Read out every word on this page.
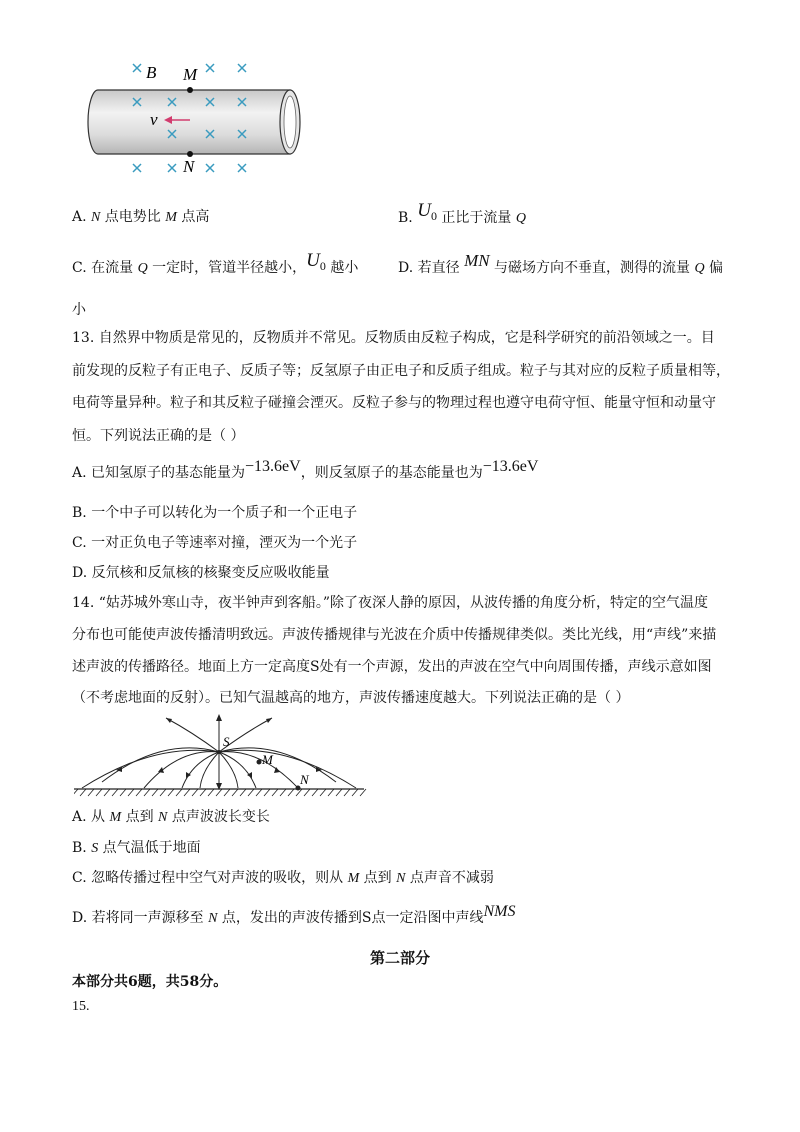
B M
N
v
A. N 点电势比 M 点高	B. $U_0$ 正比于流量 Q
C. 在流量 Q 一定时，管道半径越小，$U_0$ 越小	D. 若直径 MN 与磁场方向不垂直，测得的流量 Q 偏
小
13. 自然界中物质是常见的，反物质并不常见。反物质由反粒子构成，它是科学研究的前沿领域之一。目
前发现的反粒子有正电子、反质子等；反氢原子由正电子和反质子组成。粒子与其对应的反粒子质量相等，
电荷等量异种。粒子和其反粒子碰撞会湮灭。反粒子参与的物理过程也遵守电荷守恒、能量守恒和动量守
恒。下列说法正确的是（ ）
A. 已知氢原子的基态能量为−13.6eV，则反氢原子的基态能量也为−13.6eV
B. 一个中子可以转化为一个质子和一个正电子
C. 一对正负电子等速率对撞，湮灭为一个光子
D. 反氘核和反氚核的核聚变反应吸收能量
14. “姑苏城外寒山寺，夜半钟声到客船。”除了夜深人静的原因，从波传播的角度分析，特定的空气温度
分布也可能使声波传播清明致远。声波传播规律与光波在介质中传播规律类似。类比光线，用“声线”来描
述声波的传播路径。地面上方一定高度S处有一个声源，发出的声波在空气中向周围传播，声线示意如图
（不考虑地面的反射）。已知气温越高的地方，声波传播速度越大。下列说法正确的是（ ）
S
M
N
A. 从 M 点到 N 点声波波长变长
B. S 点气温低于地面
C. 忽略传播过程中空气对声波的吸收，则从 M 点到 N 点声音不减弱
D. 若将同一声源移至 N 点，发出的声波传播到S点一定沿图中声线NMS
第二部分
本部分共6题，共58分。
15.
